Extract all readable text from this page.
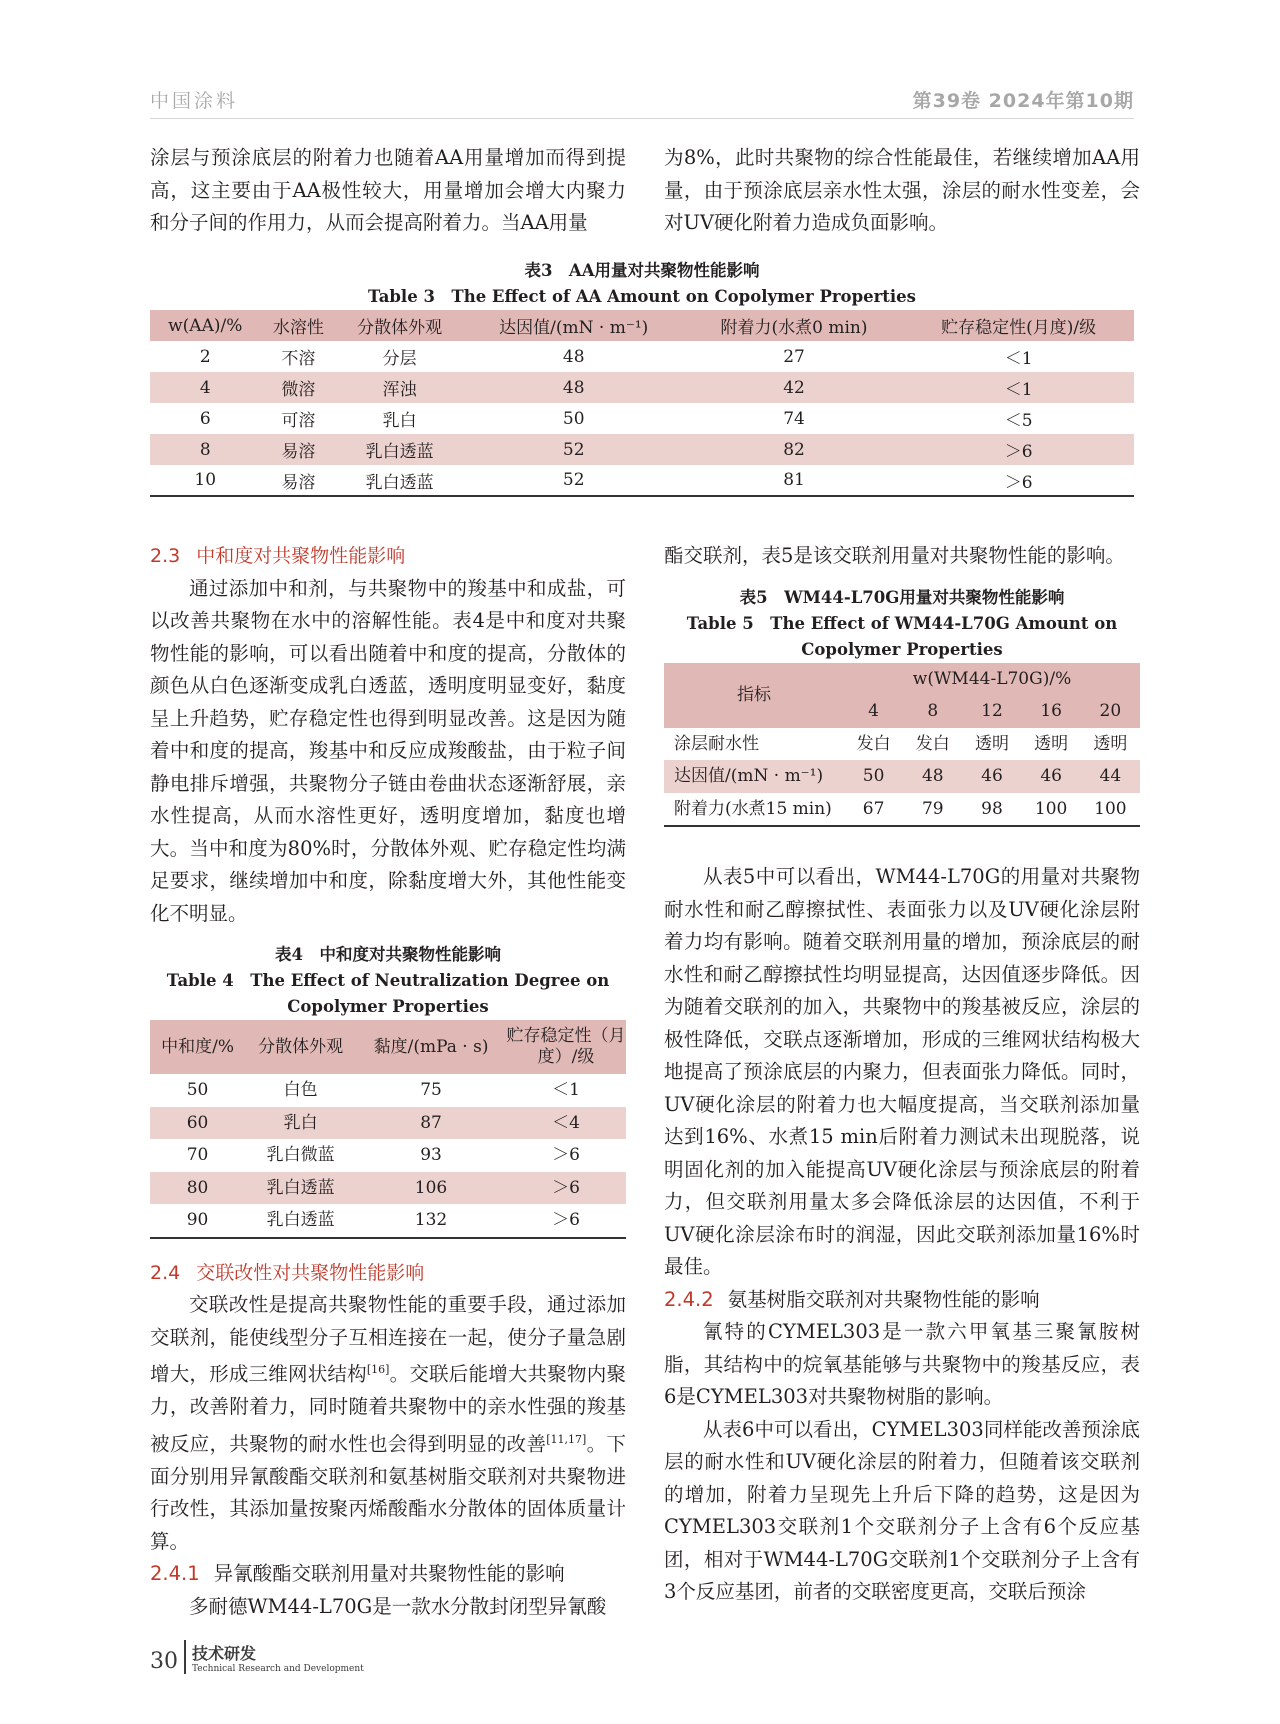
中国涂料	第39卷 2024年第10期

涂层与预涂底层的附着力也随着AA用量增加而得到提高，这主要由于AA极性较大，用量增加会增大内聚力和分子间的作用力，从而会提高附着力。当AA用量

为8%，此时共聚物的综合性能最佳，若继续增加AA用量，由于预涂底层亲水性太强，涂层的耐水性变差，会对UV硬化附着力造成负面影响。

表3　AA用量对共聚物性能影响
Table 3　The Effect of AA Amount on Copolymer Properties
w(AA)/%	水溶性	分散体外观	达因值/(mN · m⁻¹)	附着力(水煮0 min)	贮存稳定性(月度)/级
2	不溶	分层	48	27	＜1
4	微溶	浑浊	48	42	＜1
6	可溶	乳白	50	74	＜5
8	易溶	乳白透蓝	52	82	＞6
10	易溶	乳白透蓝	52	81	＞6
2.3 中和度对共聚物性能影响

通过添加中和剂，与共聚物中的羧基中和成盐，可以改善共聚物在水中的溶解性能。表4是中和度对共聚物性能的影响，可以看出随着中和度的提高，分散体的颜色从白色逐渐变成乳白透蓝，透明度明显变好，黏度呈上升趋势，贮存稳定性也得到明显改善。这是因为随着中和度的提高，羧基中和反应成羧酸盐，由于粒子间静电排斥增强，共聚物分子链由卷曲状态逐渐舒展，亲水性提高，从而水溶性更好，透明度增加，黏度也增大。当中和度为80%时，分散体外观、贮存稳定性均满足要求，继续增加中和度，除黏度增大外，其他性能变化不明显。

表4　中和度对共聚物性能影响
Table 4　The Effect of Neutralization Degree on Copolymer Properties
中和度/%	分散体外观	黏度/(mPa · s)	贮存稳定性（月度）/级
50	白色	75	＜1
60	乳白	87	＜4
70	乳白微蓝	93	＞6
80	乳白透蓝	106	＞6
90	乳白透蓝	132	＞6
2.4 交联改性对共聚物性能影响

交联改性是提高共聚物性能的重要手段，通过添加交联剂，能使线型分子互相连接在一起，使分子量急剧增大，形成三维网状结构[16]。交联后能增大共聚物内聚力，改善附着力，同时随着共聚物中的亲水性强的羧基被反应，共聚物的耐水性也会得到明显的改善[11,17]。下面分别用异氰酸酯交联剂和氨基树脂交联剂对共聚物进行改性，其添加量按聚丙烯酸酯水分散体的固体质量计算。

2.4.1 异氰酸酯交联剂用量对共聚物性能的影响

多耐德WM44-L70G是一款水分散封闭型异氰酸

酯交联剂，表5是该交联剂用量对共聚物性能的影响。

表5　WM44-L70G用量对共聚物性能影响
Table 5　The Effect of WM44-L70G Amount on Copolymer Properties
指标	w(WM44-L70G)/%				
	4	8	12	16	20
涂层耐水性	发白	发白	透明	透明	透明
达因值/(mN · m⁻¹)	50	48	46	46	44
附着力(水煮15 min)	67	79	98	100	100

从表5中可以看出，WM44-L70G的用量对共聚物耐水性和耐乙醇擦拭性、表面张力以及UV硬化涂层附着力均有影响。随着交联剂用量的增加，预涂底层的耐水性和耐乙醇擦拭性均明显提高，达因值逐步降低。因为随着交联剂的加入，共聚物中的羧基被反应，涂层的极性降低，交联点逐渐增加，形成的三维网状结构极大地提高了预涂底层的内聚力，但表面张力降低。同时，UV硬化涂层的附着力也大幅度提高，当交联剂添加量达到16%、水煮15 min后附着力测试未出现脱落，说明固化剂的加入能提高UV硬化涂层与预涂底层的附着力，但交联剂用量太多会降低涂层的达因值，不利于UV硬化涂层涂布时的润湿，因此交联剂添加量16%时最佳。

2.4.2 氨基树脂交联剂对共聚物性能的影响

氰特的CYMEL303是一款六甲氧基三聚氰胺树脂，其结构中的烷氧基能够与共聚物中的羧基反应，表6是CYMEL303对共聚物树脂的影响。

从表6中可以看出，CYMEL303同样能改善预涂底层的耐水性和UV硬化涂层的附着力，但随着该交联剂的增加，附着力呈现先上升后下降的趋势，这是因为CYMEL303交联剂1个交联剂分子上含有6个反应基团，相对于WM44-L70G交联剂1个交联剂分子上含有3个反应基团，前者的交联密度更高，交联后预涂

30 技术研发
Technical Research and Development
